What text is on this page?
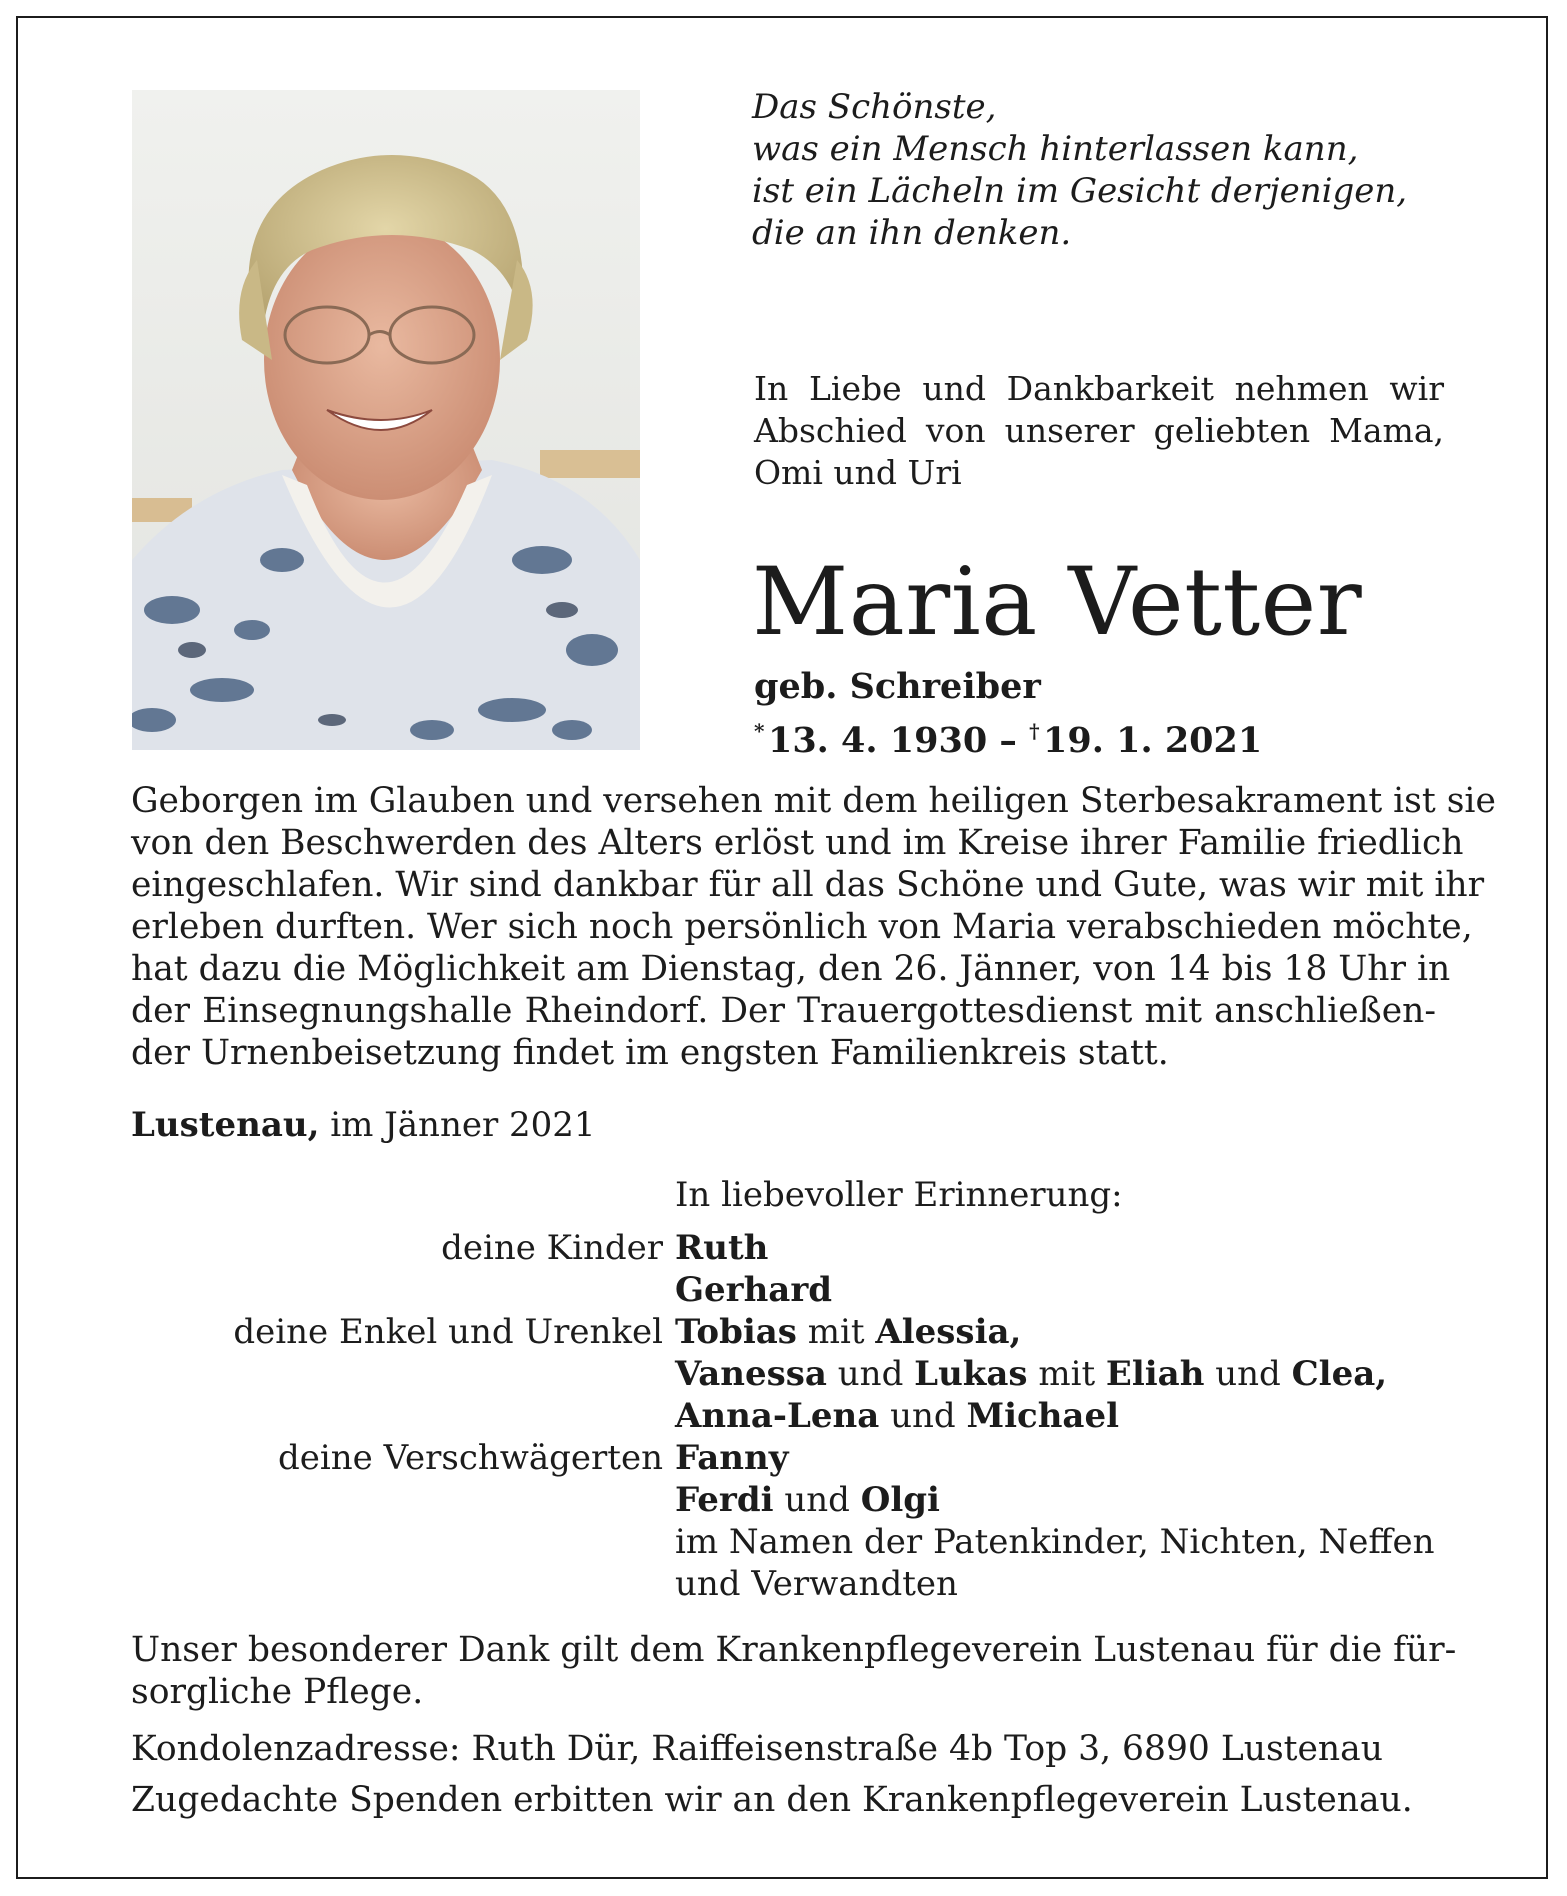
Das Schönste,
was ein Mensch hinterlassen kann,
ist ein Lächeln im Gesicht derjenigen,
die an ihn denken.
In Liebe und Dankbarkeit nehmen wir Abschied von unserer geliebten Mama, Omi und Uri
Maria Vetter
geb. Schreiber
*  13. 4. 1930 – †  19. 1. 2021
Geborgen im Glauben und versehen mit dem heiligen Sterbesakrament ist sie
von den Beschwerden des Alters erlöst und im Kreise ihrer Familie friedlich
eingeschlafen. Wir sind dankbar für all das Schöne und Gute, was wir mit ihr
erleben durften. Wer sich noch persönlich von Maria verabschieden möchte,
hat dazu die Möglichkeit am Dienstag, den 26. Jänner, von 14 bis 18 Uhr in
der Einsegnungshalle Rheindorf. Der Trauergottesdienst mit anschließen-
der Urnenbeisetzung findet im engsten Familienkreis statt.
Lustenau, im Jänner 2021
In liebevoller Erinnerung:
deine Kinder Ruth
Gerhard
deine Enkel und Urenkel Tobias mit Alessia,
Vanessa und Lukas mit Eliah und Clea,
Anna-Lena und Michael
deine Verschwägerten Fanny
Ferdi und Olgi
im Namen der Patenkinder, Nichten, Neffen
und Verwandten
Unser besonderer Dank gilt dem Krankenpflegeverein Lustenau für die für-
sorgliche Pflege.
Kondolenzadresse: Ruth Dür, Raiffeisenstraße 4b Top 3, 6890 Lustenau
Zugedachte Spenden erbitten wir an den Krankenpflegeverein Lustenau.
